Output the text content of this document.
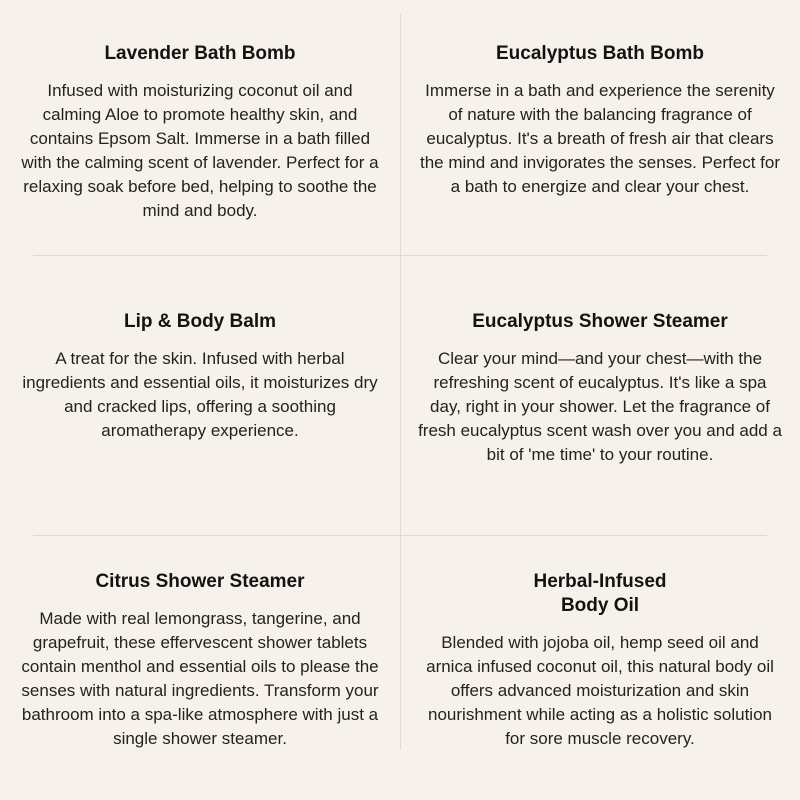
Lavender Bath Bomb

Infused with moisturizing coconut oil and calming Aloe to promote healthy skin, and contains Epsom Salt. Immerse in a bath filled with the calming scent of lavender. Perfect for a relaxing soak before bed, helping to soothe the mind and body.

Eucalyptus Bath Bomb

Immerse in a bath and experience the serenity of nature with the balancing fragrance of eucalyptus. It's a breath of fresh air that clears the mind and invigorates the senses. Perfect for a bath to energize and clear your chest.

Lip & Body Balm

A treat for the skin. Infused with herbal ingredients and essential oils, it moisturizes dry and cracked lips, offering a soothing aromatherapy experience.

Eucalyptus Shower Steamer

Clear your mind—and your chest—with the refreshing scent of eucalyptus. It's like a spa day, right in your shower. Let the fragrance of fresh eucalyptus scent wash over you and add a bit of 'me time' to your routine.

Citrus Shower Steamer

Made with real lemongrass, tangerine, and grapefruit, these effervescent shower tablets contain menthol and essential oils to please the senses with natural ingredients. Transform your bathroom into a spa-like atmosphere with just a single shower steamer.

Herbal-Infused
Body Oil

Blended with jojoba oil, hemp seed oil and arnica infused coconut oil, this natural body oil offers advanced moisturization and skin nourishment while acting as a holistic solution for sore muscle recovery.
